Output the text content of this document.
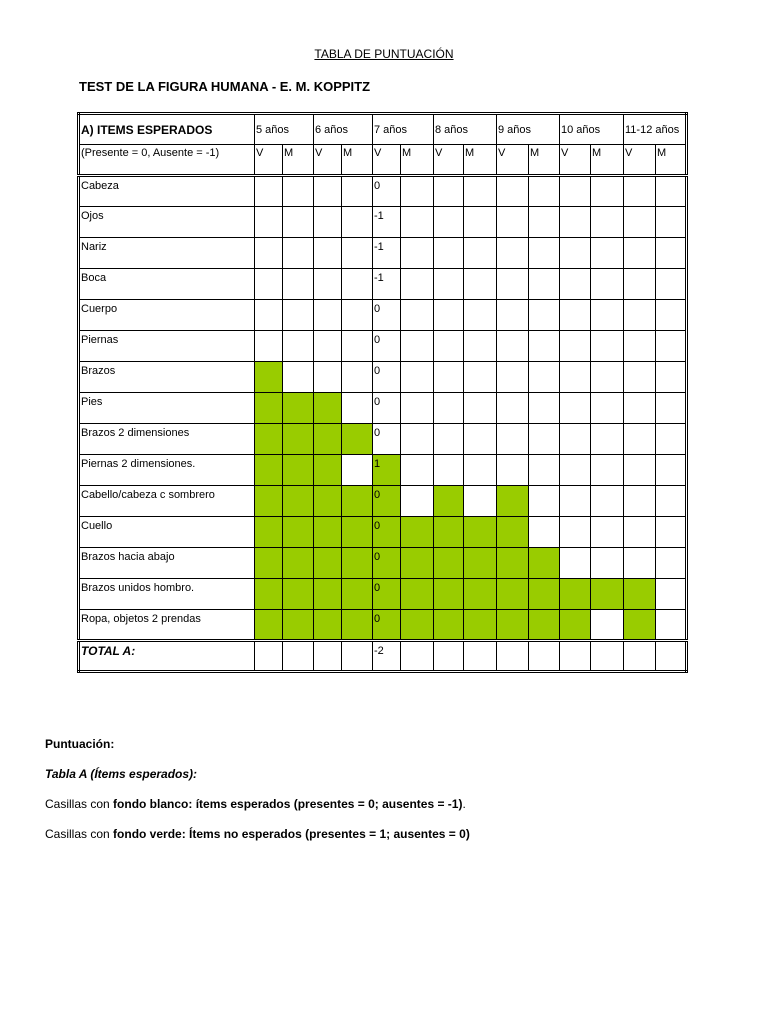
TABLA DE PUNTUACIÓN
TEST DE LA FIGURA HUMANA - E. M. KOPPITZ
A) ITEMS ESPERADOS	5 años		6 años		7 años		8 años		9 años		10 años		11-12 años	
(Presente = 0, Ausente = -1)	V	M	V	M	V	M	V	M	V	M	V	M	V	M
Cabeza					0									
Ojos					-1									
Nariz					-1									
Boca					-1									
Cuerpo					0									
Piernas					0									
Brazos					0									
Pies					0									
Brazos 2 dimensiones					0									
Piernas 2 dimensiones.					1									
Cabello/cabeza c sombrero					0									
Cuello					0									
Brazos hacia abajo					0									
Brazos unidos hombro.					0									
Ropa, objetos 2 prendas					0									
TOTAL A:					-2									
Puntuación:
Tabla A (Ítems esperados):
Casillas con fondo blanco: ítems esperados (presentes = 0; ausentes = -1).
Casillas con fondo verde: Ítems no esperados (presentes = 1; ausentes = 0)
